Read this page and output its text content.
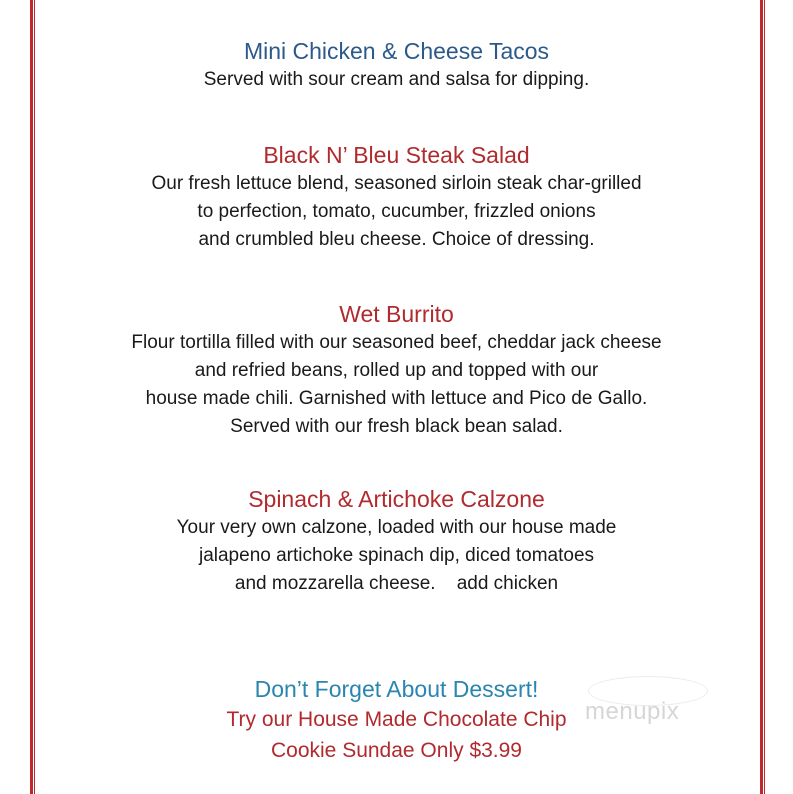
Mini Chicken & Cheese Tacos

Served with sour cream and salsa for dipping.

Black N’ Bleu Steak Salad

Our fresh lettuce blend, seasoned sirloin steak char-grilled

to perfection, tomato, cucumber, frizzled onions

and crumbled bleu cheese. Choice of dressing.

Wet Burrito

Flour tortilla filled with our seasoned beef, cheddar jack cheese

and refried beans, rolled up and topped with our

house made chili. Garnished with lettuce and Pico de Gallo.

Served with our fresh black bean salad.

Spinach & Artichoke Calzone

Your very own calzone, loaded with our house made

jalapeno artichoke spinach dip, diced tomatoes

and mozzarella cheese.    add chicken

Don’t Forget About Dessert!

Try our House Made Chocolate Chip

Cookie Sundae Only $3.99

menupix
